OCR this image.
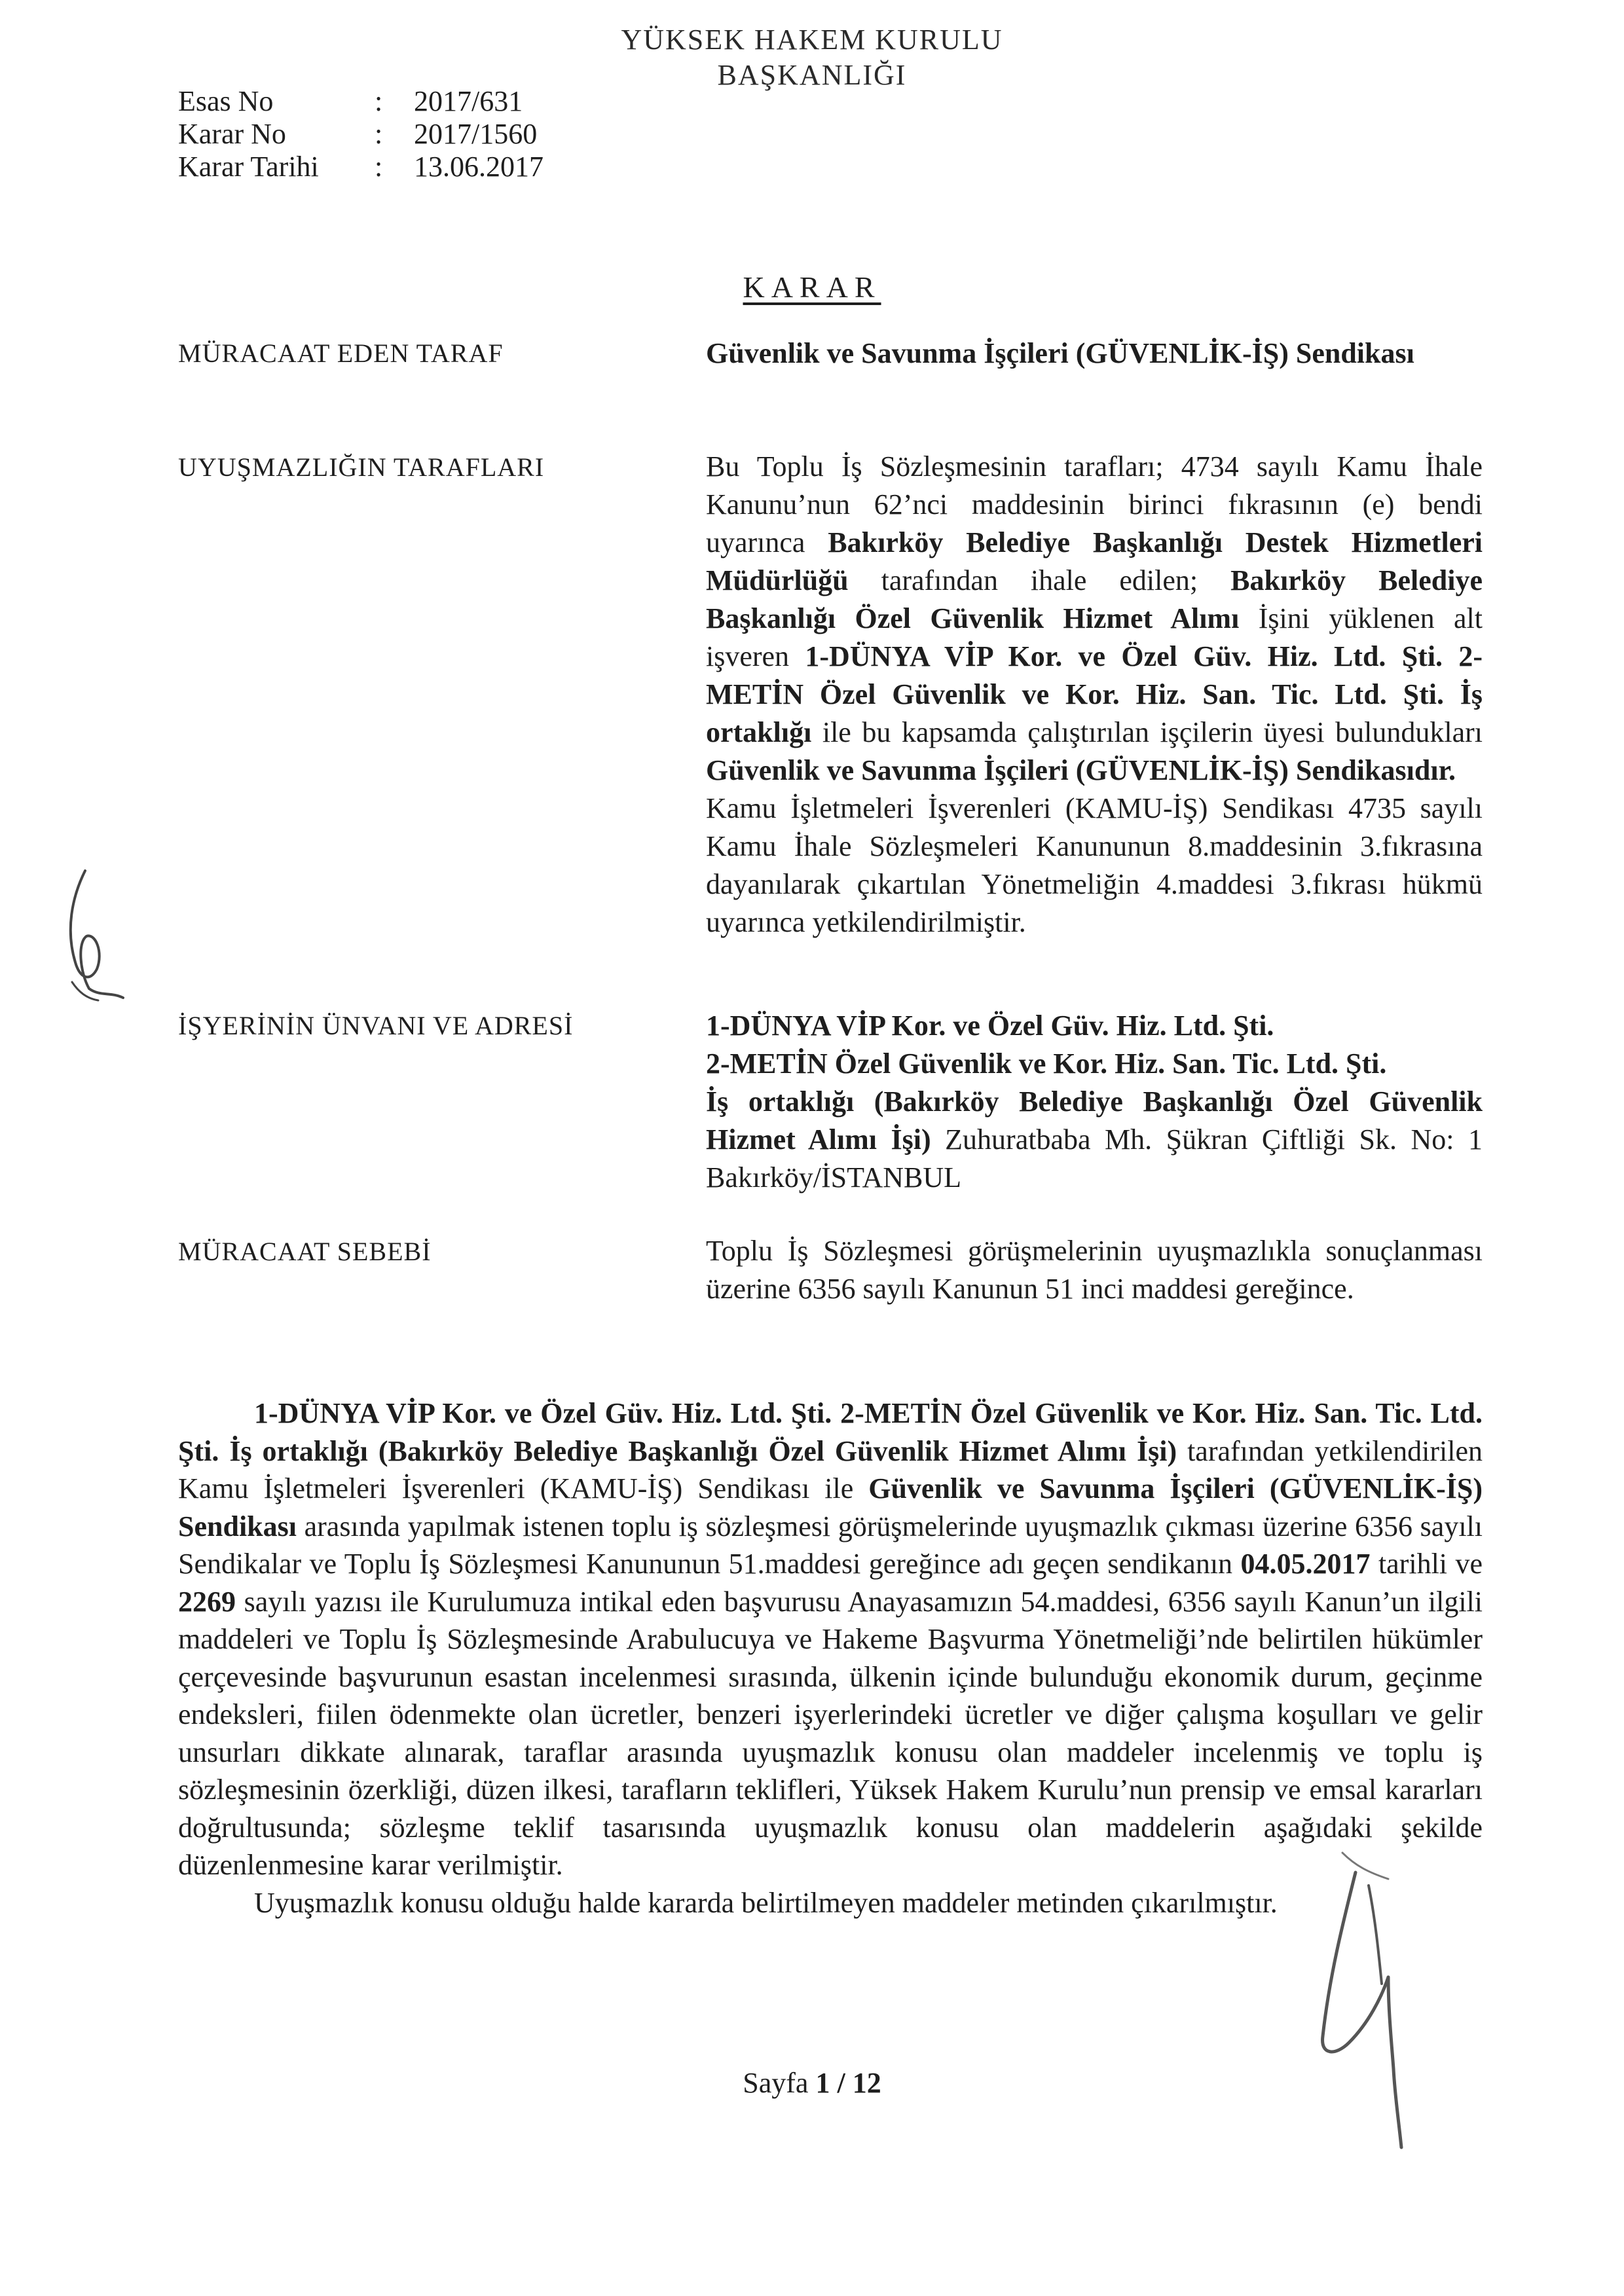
YÜKSEK HAKEM KURULU
BAŞKANLIĞI
Esas No	:	2017/631
Karar No	:	2017/1560
Karar Tarihi	:	13.06.2017
KARAR
MÜRACAAT EDEN TARAF	Güvenlik ve Savunma İşçileri (GÜVENLİK-İŞ) Sendikası
UYUŞMAZLIĞIN TARAFLARI	Bu Toplu İş Sözleşmesinin tarafları; 4734 sayılı Kamu İhale Kanunu’nun 62’nci maddesinin birinci fıkrasının (e) bendi uyarınca Bakırköy Belediye Başkanlığı Destek Hizmetleri Müdürlüğü tarafından ihale edilen; Bakırköy Belediye Başkanlığı Özel Güvenlik Hizmet Alımı İşini yüklenen alt işveren 1-DÜNYA VİP Kor. ve Özel Güv. Hiz. Ltd. Şti. 2-METİN Özel Güvenlik ve Kor. Hiz. San. Tic. Ltd. Şti. İş ortaklığı ile bu kapsamda çalıştırılan işçilerin üyesi bulundukları Güvenlik ve Savunma İşçileri (GÜVENLİK-İŞ) Sendikasıdır.

Kamu İşletmeleri İşverenleri (KAMU-İŞ) Sendikası 4735 sayılı Kamu İhale Sözleşmeleri Kanununun 8.maddesinin 3.fıkrasına dayanılarak çıkartılan Yönetmeliğin 4.maddesi 3.fıkrası hükmü uyarınca yetkilendirilmiştir.

İŞYERİNİN ÜNVANI VE ADRESİ	1-DÜNYA VİP Kor. ve Özel Güv. Hiz. Ltd. Şti.

2-METİN Özel Güvenlik ve Kor. Hiz. San. Tic. Ltd. Şti.

İş ortaklığı (Bakırköy Belediye Başkanlığı Özel Güvenlik Hizmet Alımı İşi) Zuhuratbaba Mh. Şükran Çiftliği Sk. No: 1 Bakırköy/İSTANBUL

MÜRACAAT SEBEBİ	Toplu İş Sözleşmesi görüşmelerinin uyuşmazlıkla sonuçlanması üzerine 6356 sayılı Kanunun 51 inci maddesi gereğince.

1-DÜNYA VİP Kor. ve Özel Güv. Hiz. Ltd. Şti. 2-METİN Özel Güvenlik ve Kor. Hiz. San. Tic. Ltd. Şti. İş ortaklığı (Bakırköy Belediye Başkanlığı Özel Güvenlik Hizmet Alımı İşi) tarafından yetkilendirilen Kamu İşletmeleri İşverenleri (KAMU-İŞ) Sendikası ile Güvenlik ve Savunma İşçileri (GÜVENLİK-İŞ) Sendikası arasında yapılmak istenen toplu iş sözleşmesi görüşmelerinde uyuşmazlık çıkması üzerine 6356 sayılı Sendikalar ve Toplu İş Sözleşmesi Kanununun 51.maddesi gereğince adı geçen sendikanın 04.05.2017 tarihli ve 2269 sayılı yazısı ile Kurulumuza intikal eden başvurusu Anayasamızın 54.maddesi, 6356 sayılı Kanun’un ilgili maddeleri ve Toplu İş Sözleşmesinde Arabulucuya ve Hakeme Başvurma Yönetmeliği’nde belirtilen hükümler çerçevesinde başvurunun esastan incelenmesi sırasında, ülkenin içinde bulunduğu ekonomik durum, geçinme endeksleri, fiilen ödenmekte olan ücretler, benzeri işyerlerindeki ücretler ve diğer çalışma koşulları ve gelir unsurları dikkate alınarak, taraflar arasında uyuşmazlık konusu olan maddeler incelenmiş ve toplu iş sözleşmesinin özerkliği, düzen ilkesi, tarafların teklifleri, Yüksek Hakem Kurulu’nun prensip ve emsal kararları doğrultusunda; sözleşme teklif tasarısında uyuşmazlık konusu olan maddelerin aşağıdaki şekilde düzenlenmesine karar verilmiştir.

Uyuşmazlık konusu olduğu halde kararda belirtilmeyen maddeler metinden çıkarılmıştır.

Sayfa 1 / 12
